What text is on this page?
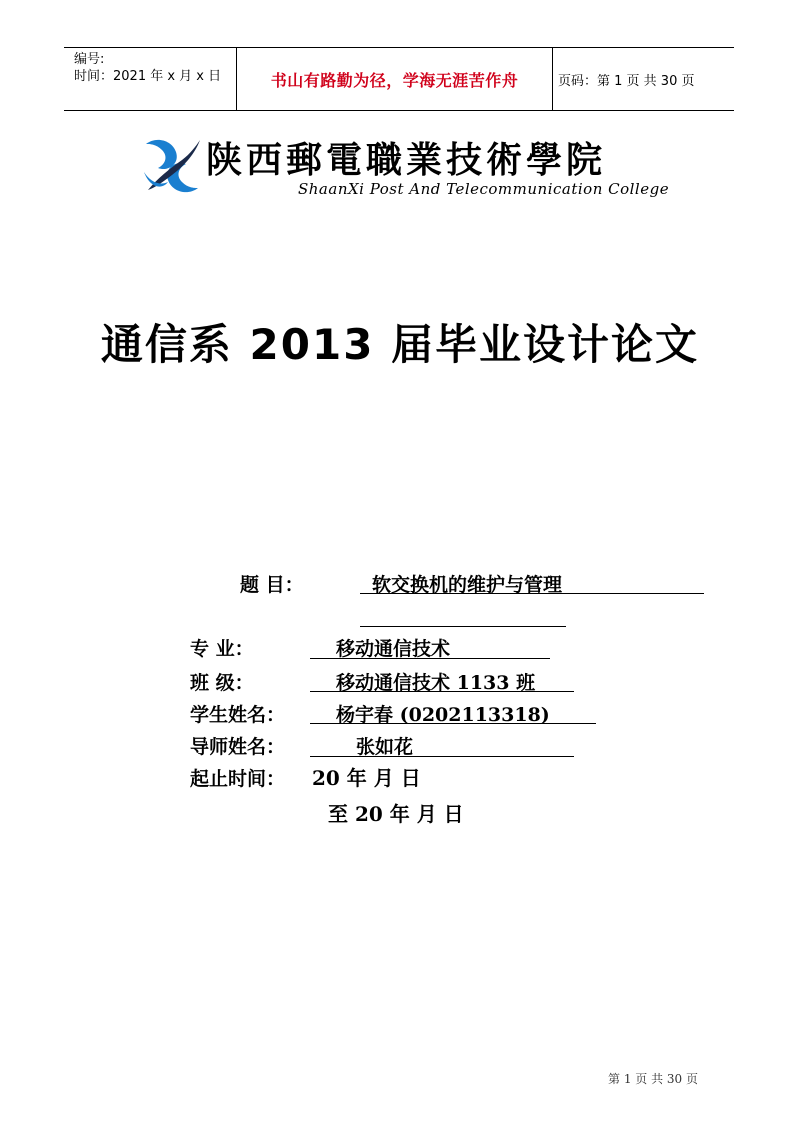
编号:
时间：2021 年 x 月 x 日	书山有路勤为径，学海无涯苦作舟	页码：第 1 页 共 30 页
陕西郵電職業技術學院
ShaanXi Post And Telecommunication College
通信系 2013 届毕业设计论文
题 目：	软交换机的维护与管理
专 业：	移动通信技术
班 级：	移动通信技术 1133 班
学生姓名：	杨宇春 (0202113318)
导师姓名：	张如花
起止时间： 20 年 月 日
至 20 年 月 日
第 1 页 共 30 页
